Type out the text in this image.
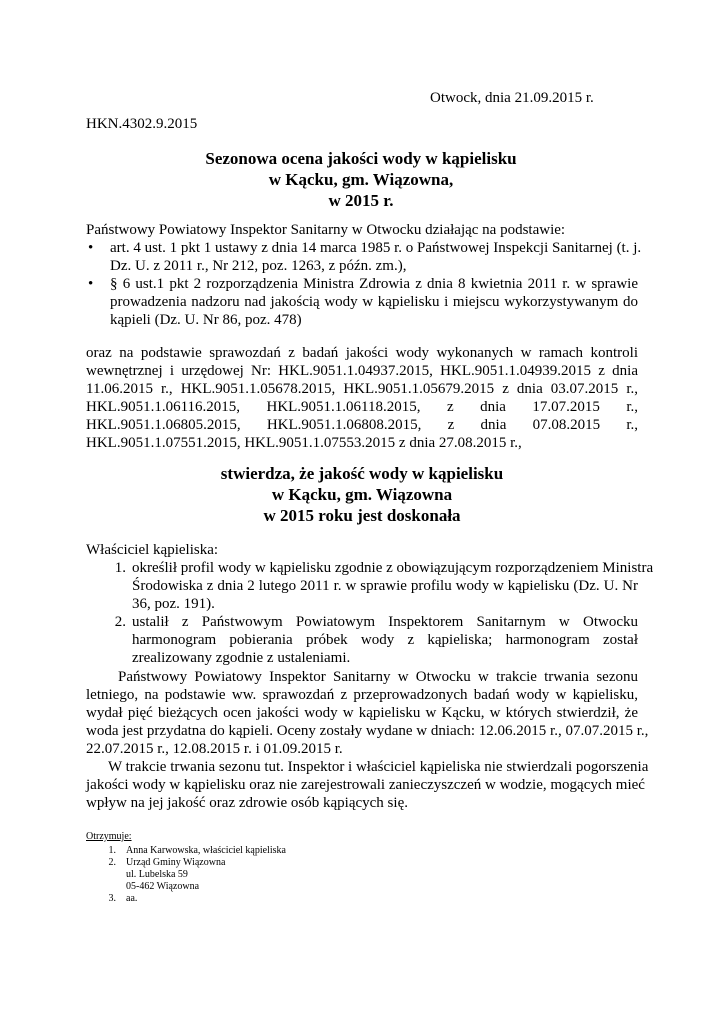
Otwock, dnia 21.09.2015 r.
HKN.4302.9.2015
Sezonowa ocena jakości wody w kąpielisku
w Kącku, gm. Wiązowna,
w 2015 r.
Państwowy Powiatowy Inspektor Sanitarny w Otwocku działając na podstawie:
• art. 4 ust. 1 pkt 1 ustawy z dnia 14 marca 1985 r. o Państwowej Inspekcji Sanitarnej (t. j.
Dz. U. z 2011 r., Nr 212, poz. 1263, z późn. zm.),
• § 6 ust.1 pkt 2 rozporządzenia Ministra Zdrowia z dnia 8 kwietnia 2011 r. w sprawie
prowadzenia nadzoru nad jakością wody w kąpielisku i miejscu wykorzystywanym do
kąpieli (Dz. U. Nr 86, poz. 478)
oraz na podstawie sprawozdań z badań jakości wody wykonanych w ramach kontroli
wewnętrznej i urzędowej Nr: HKL.9051.1.04937.2015, HKL.9051.1.04939.2015 z dnia
11.06.2015 r., HKL.9051.1.05678.2015, HKL.9051.1.05679.2015 z dnia 03.07.2015 r.,
HKL.9051.1.06116.2015, HKL.9051.1.06118.2015, z dnia 17.07.2015 r.,
HKL.9051.1.06805.2015, HKL.9051.1.06808.2015, z dnia 07.08.2015 r.,
HKL.9051.1.07551.2015, HKL.9051.1.07553.2015 z dnia 27.08.2015 r.,
stwierdza, że jakość wody w kąpielisku
w Kącku, gm. Wiązowna
w 2015 roku jest doskonała
Właściciel kąpieliska:
1. określił profil wody w kąpielisku zgodnie z obowiązującym rozporządzeniem Ministra
Środowiska z dnia 2 lutego 2011 r. w sprawie profilu wody w kąpielisku (Dz. U. Nr
36, poz. 191).
2. ustalił z Państwowym Powiatowym Inspektorem Sanitarnym w Otwocku
harmonogram pobierania próbek wody z kąpieliska; harmonogram został
zrealizowany zgodnie z ustaleniami.
Państwowy Powiatowy Inspektor Sanitarny w Otwocku w trakcie trwania sezonu
letniego, na podstawie ww. sprawozdań z przeprowadzonych badań wody w kąpielisku,
wydał pięć bieżących ocen jakości wody w kąpielisku w Kącku, w których stwierdził, że
woda jest przydatna do kąpieli. Oceny zostały wydane w dniach: 12.06.2015 r., 07.07.2015 r.,
22.07.2015 r., 12.08.2015 r. i 01.09.2015 r.
W trakcie trwania sezonu tut. Inspektor i właściciel kąpieliska nie stwierdzali pogorszenia
jakości wody w kąpielisku oraz nie zarejestrowali zanieczyszczeń w wodzie, mogących mieć
wpływ na jej jakość oraz zdrowie osób kąpiących się.
Otrzymuje:
1. Anna Karwowska, właściciel kąpieliska
2. Urząd Gminy Wiązowna
ul. Lubelska 59
05-462 Wiązowna
3. aa.
